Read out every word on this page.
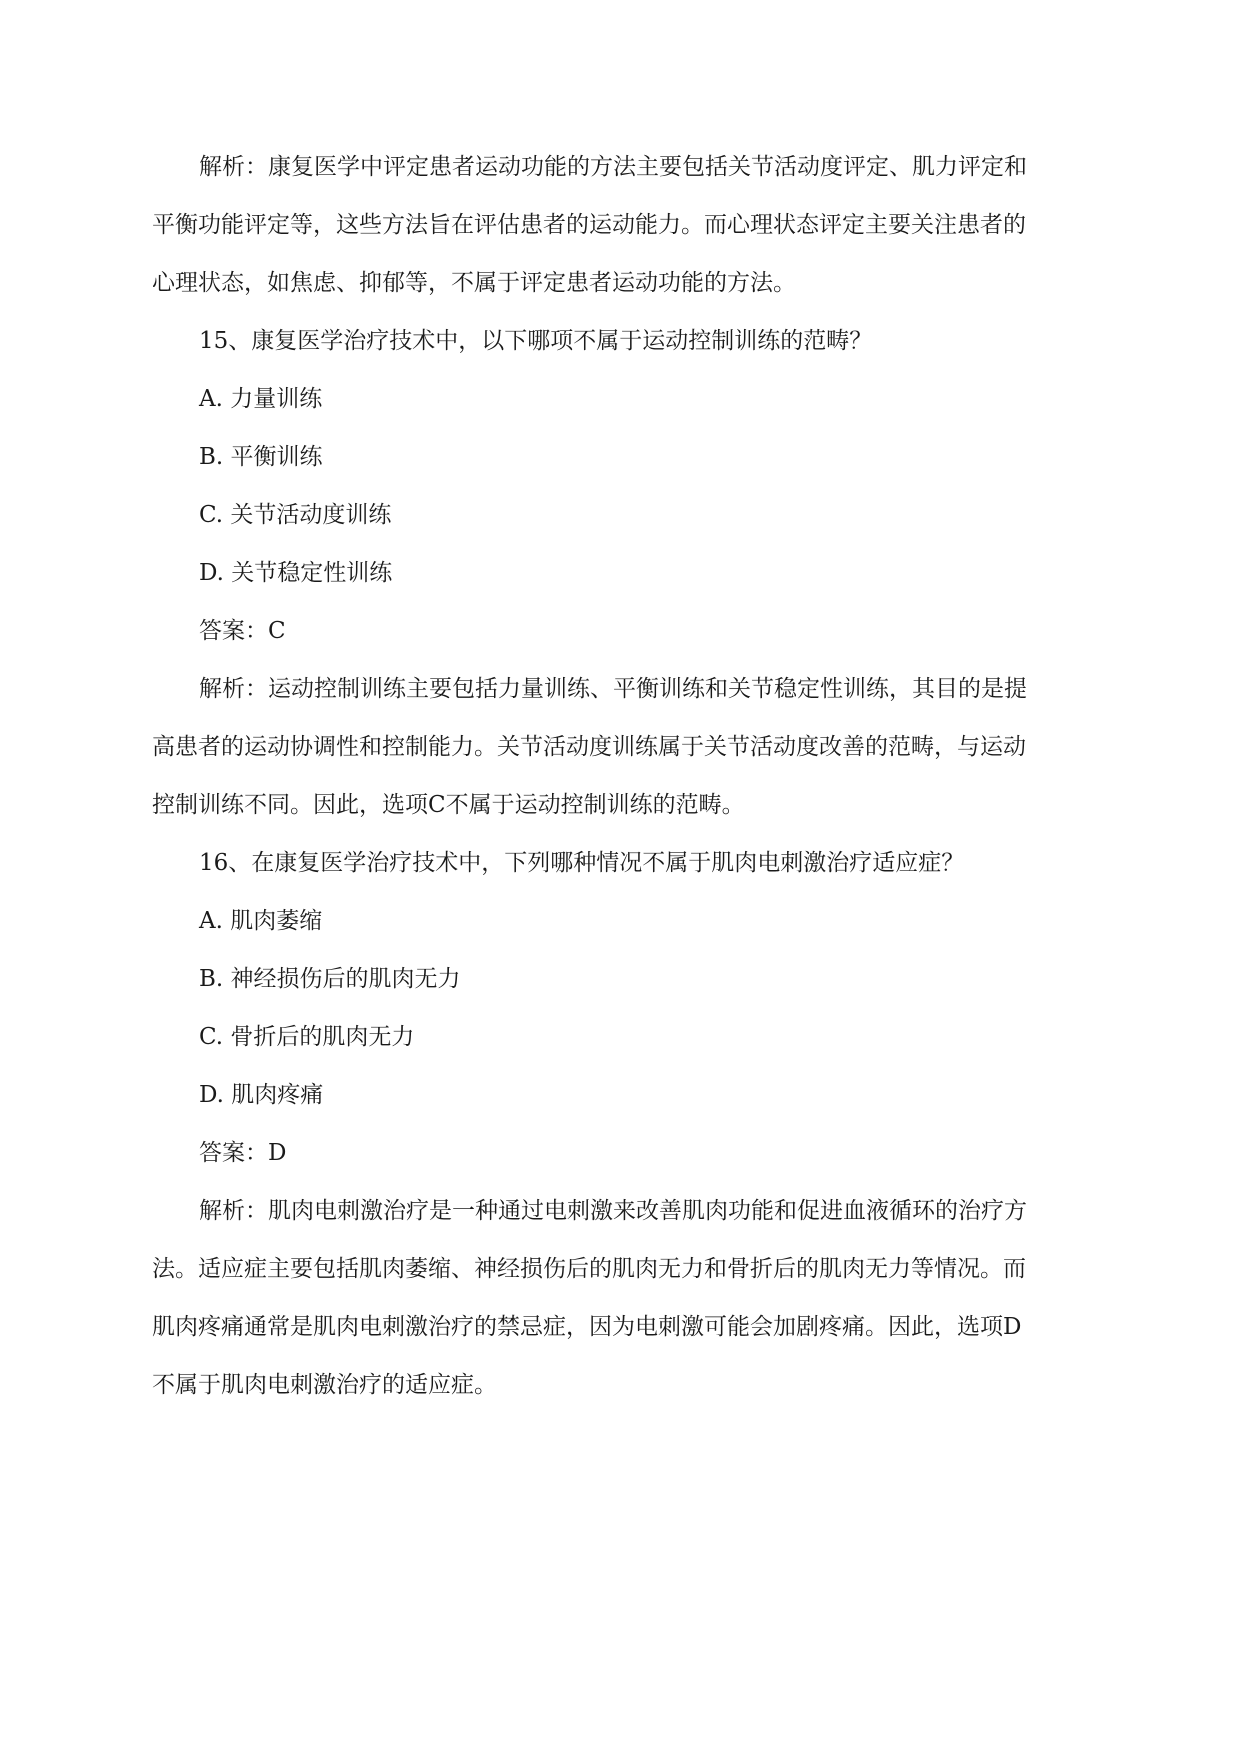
解析：康复医学中评定患者运动功能的方法主要包括关节活动度评定、肌力评定和
平衡功能评定等，这些方法旨在评估患者的运动能力。而心理状态评定主要关注患者的
心理状态，如焦虑、抑郁等，不属于评定患者运动功能的方法。
15、康复医学治疗技术中，以下哪项不属于运动控制训练的范畴？
A. 力量训练
B. 平衡训练
C. 关节活动度训练
D. 关节稳定性训练
答案：C
解析：运动控制训练主要包括力量训练、平衡训练和关节稳定性训练，其目的是提
高患者的运动协调性和控制能力。关节活动度训练属于关节活动度改善的范畴，与运动
控制训练不同。因此，选项C不属于运动控制训练的范畴。
16、在康复医学治疗技术中，下列哪种情况不属于肌肉电刺激治疗适应症？
A. 肌肉萎缩
B. 神经损伤后的肌肉无力
C. 骨折后的肌肉无力
D. 肌肉疼痛
答案：D
解析：肌肉电刺激治疗是一种通过电刺激来改善肌肉功能和促进血液循环的治疗方
法。适应症主要包括肌肉萎缩、神经损伤后的肌肉无力和骨折后的肌肉无力等情况。而
肌肉疼痛通常是肌肉电刺激治疗的禁忌症，因为电刺激可能会加剧疼痛。因此，选项D
不属于肌肉电刺激治疗的适应症。
